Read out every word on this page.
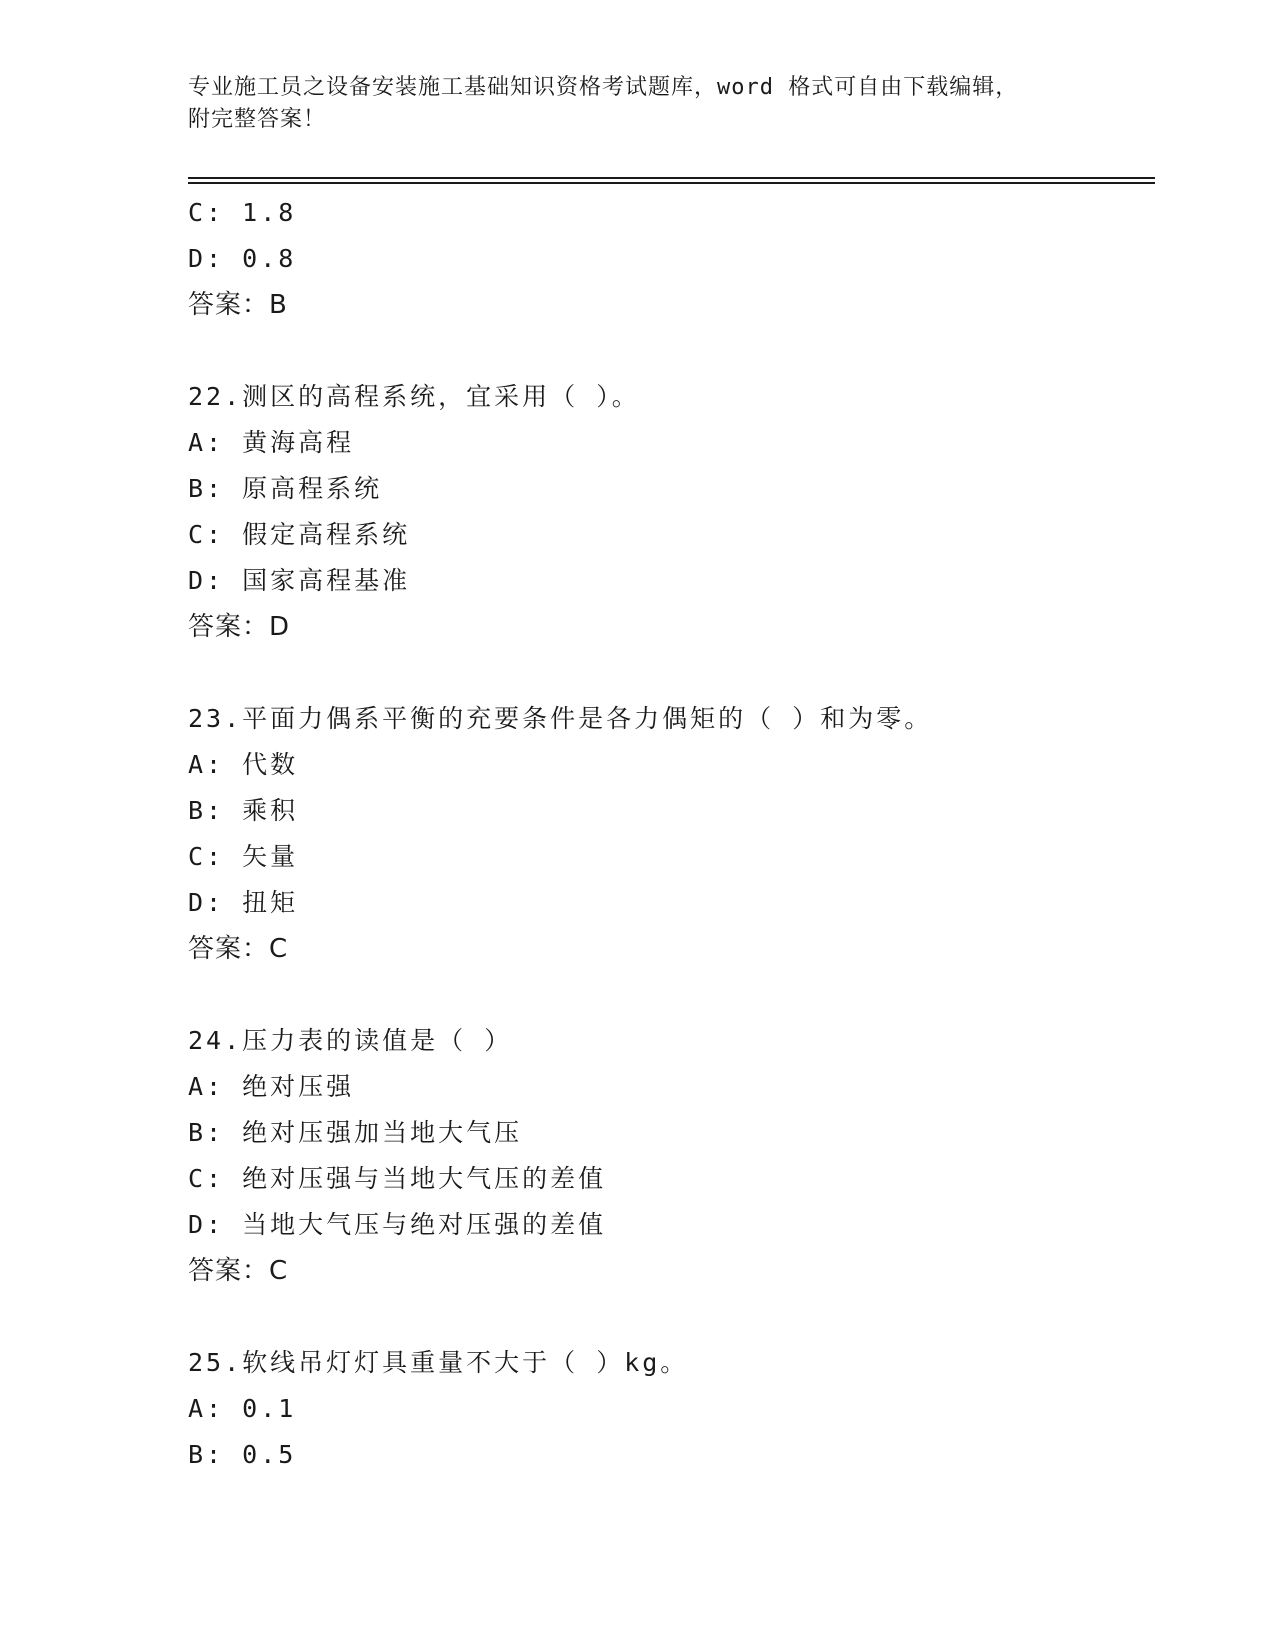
专业施工员之设备安装施工基础知识资格考试题库，word 格式可自由下载编辑，
附完整答案！
C: 1.8
D: 0.8
答案：B
22.测区的高程系统，宜采用（ ）。
A: 黄海高程
B: 原高程系统
C: 假定高程系统
D: 国家高程基准
答案：D
23.平面力偶系平衡的充要条件是各力偶矩的（ ）和为零。
A: 代数
B: 乘积
C: 矢量
D: 扭矩
答案：C
24.压力表的读值是（ ）
A: 绝对压强
B: 绝对压强加当地大气压
C: 绝对压强与当地大气压的差值
D: 当地大气压与绝对压强的差值
答案：C
25.软线吊灯灯具重量不大于（ ）kg。
A: 0.1
B: 0.5
